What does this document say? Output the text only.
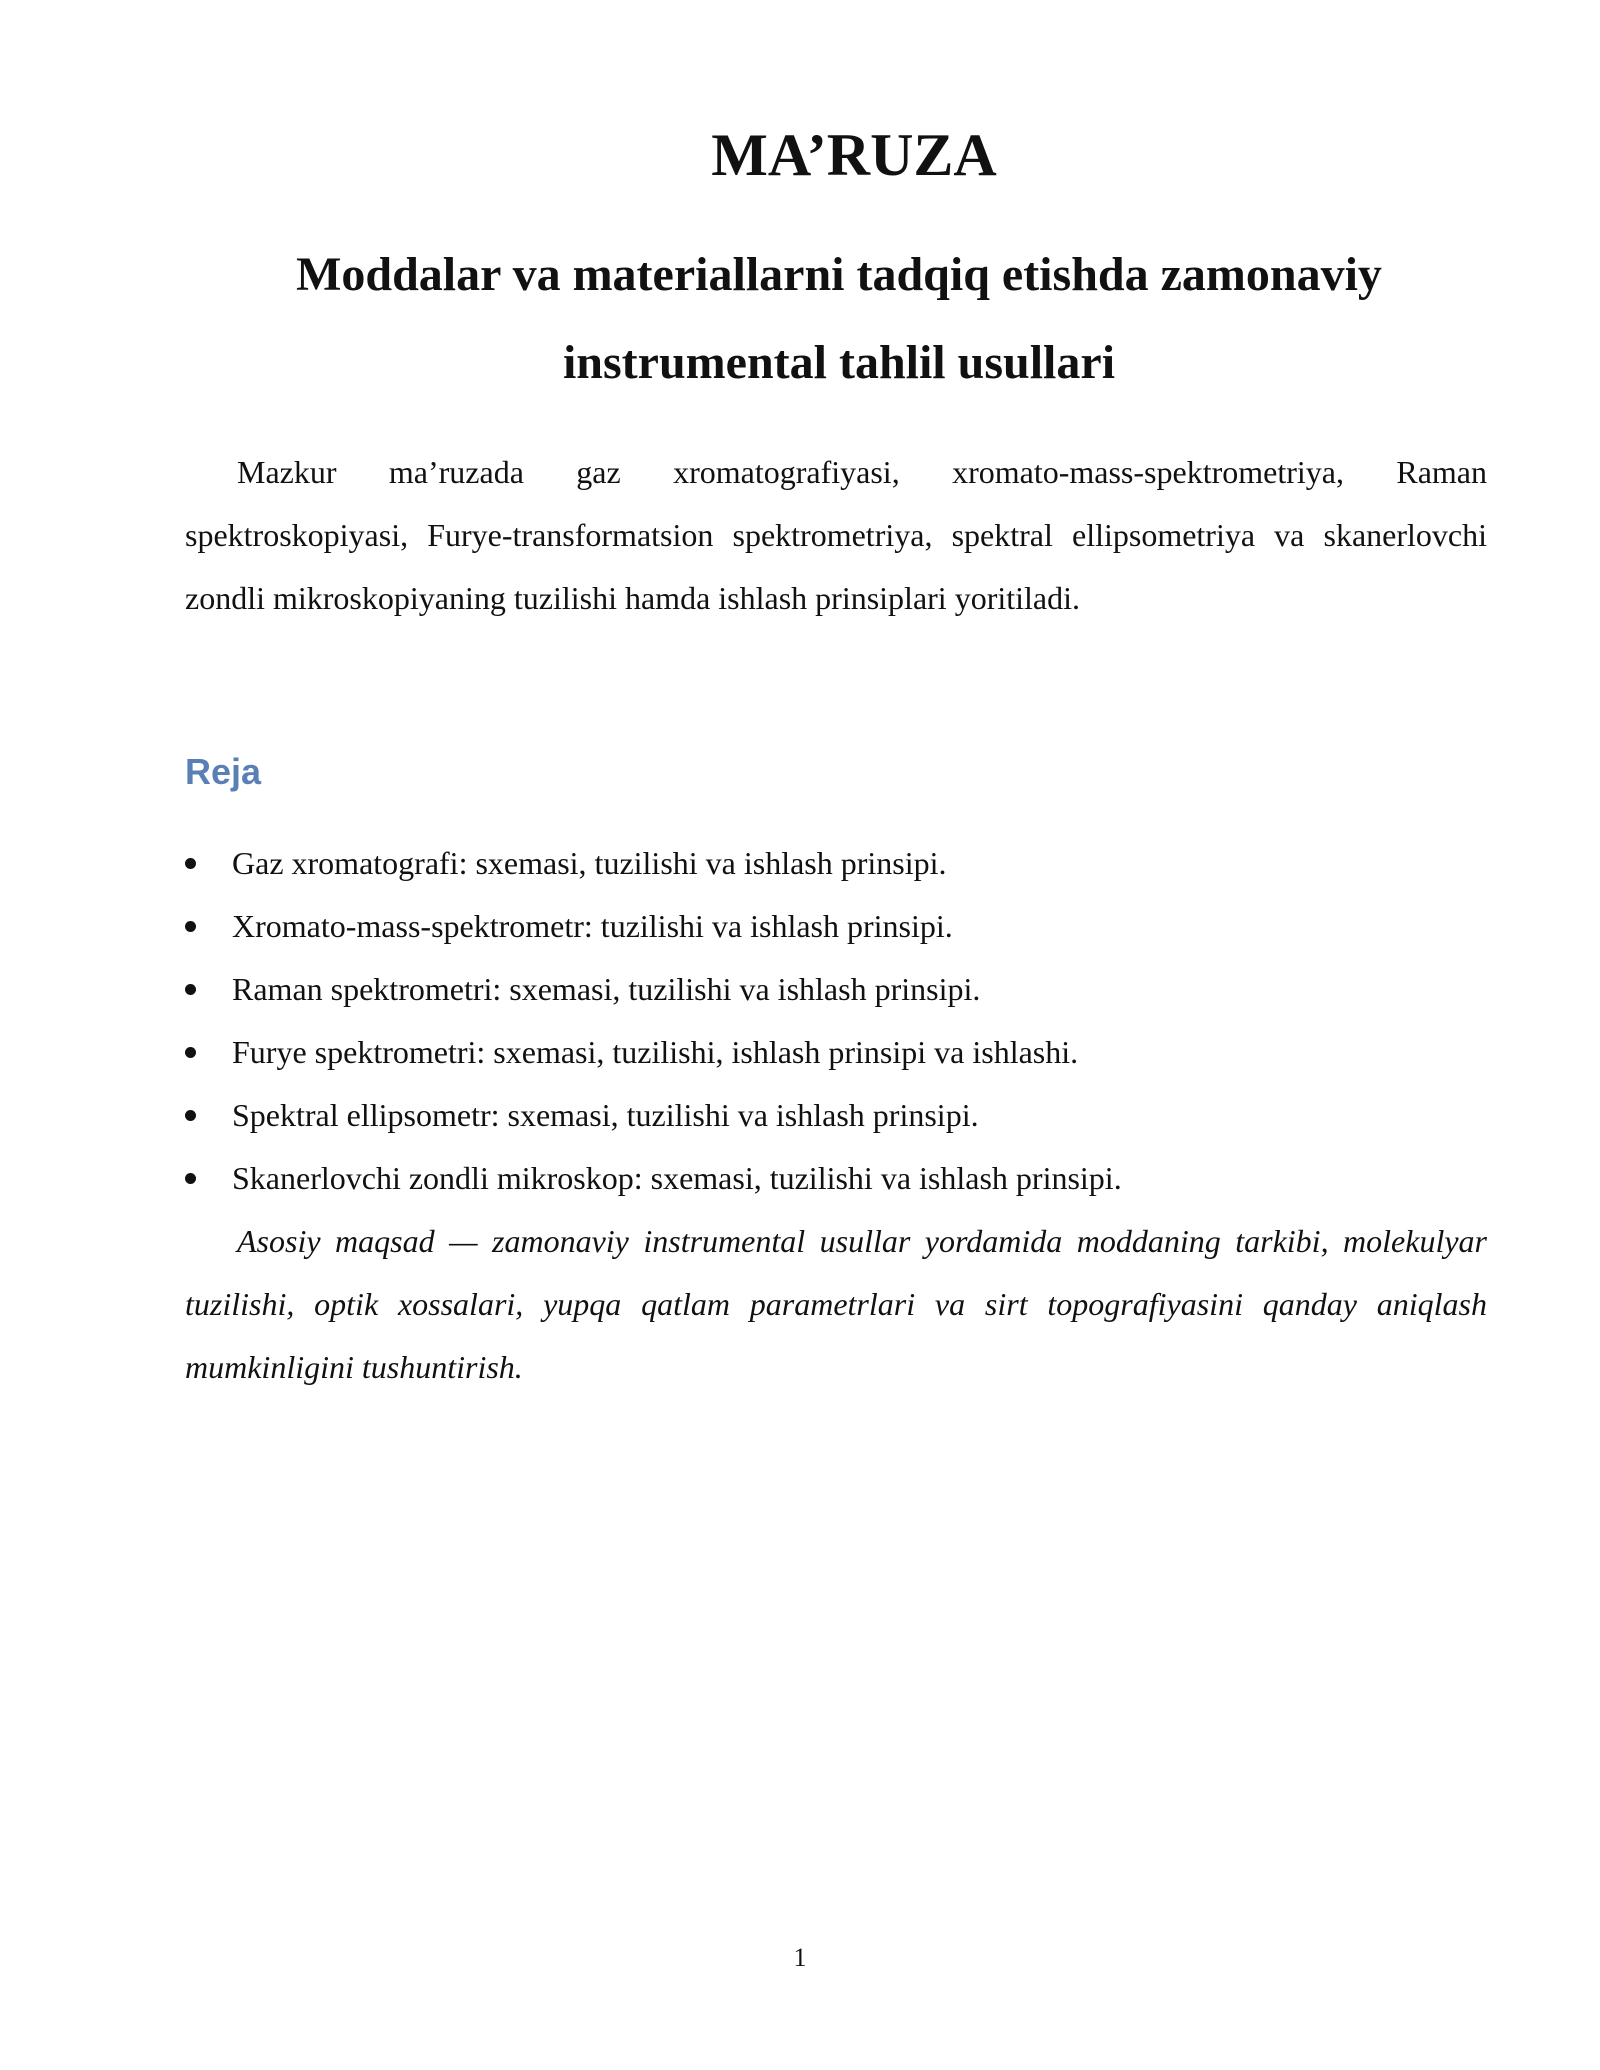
MA’RUZA
Moddalar va materiallarni tadqiq etishda zamonaviy
instrumental tahlil usullari

Mazkur ma’ruzada gaz xromatografiyasi, xromato-mass-spektrometriya, Raman spektroskopiyasi, Furye-transformatsion spektrometriya, spektral ellipsometriya va skanerlovchi zondli mikroskopiyaning tuzilishi hamda ishlash prinsiplari yoritiladi.

Reja
Gaz xromatografi: sxemasi, tuzilishi va ishlash prinsipi.
Xromato-mass-spektrometr: tuzilishi va ishlash prinsipi.
Raman spektrometri: sxemasi, tuzilishi va ishlash prinsipi.
Furye spektrometri: sxemasi, tuzilishi, ishlash prinsipi va ishlashi.
Spektral ellipsometr: sxemasi, tuzilishi va ishlash prinsipi.
Skanerlovchi zondli mikroskop: sxemasi, tuzilishi va ishlash prinsipi.

Asosiy maqsad — zamonaviy instrumental usullar yordamida moddaning tarkibi, molekulyar tuzilishi, optik xossalari, yupqa qatlam parametrlari va sirt topografiyasini qanday aniqlash mumkinligini tushuntirish.

1
